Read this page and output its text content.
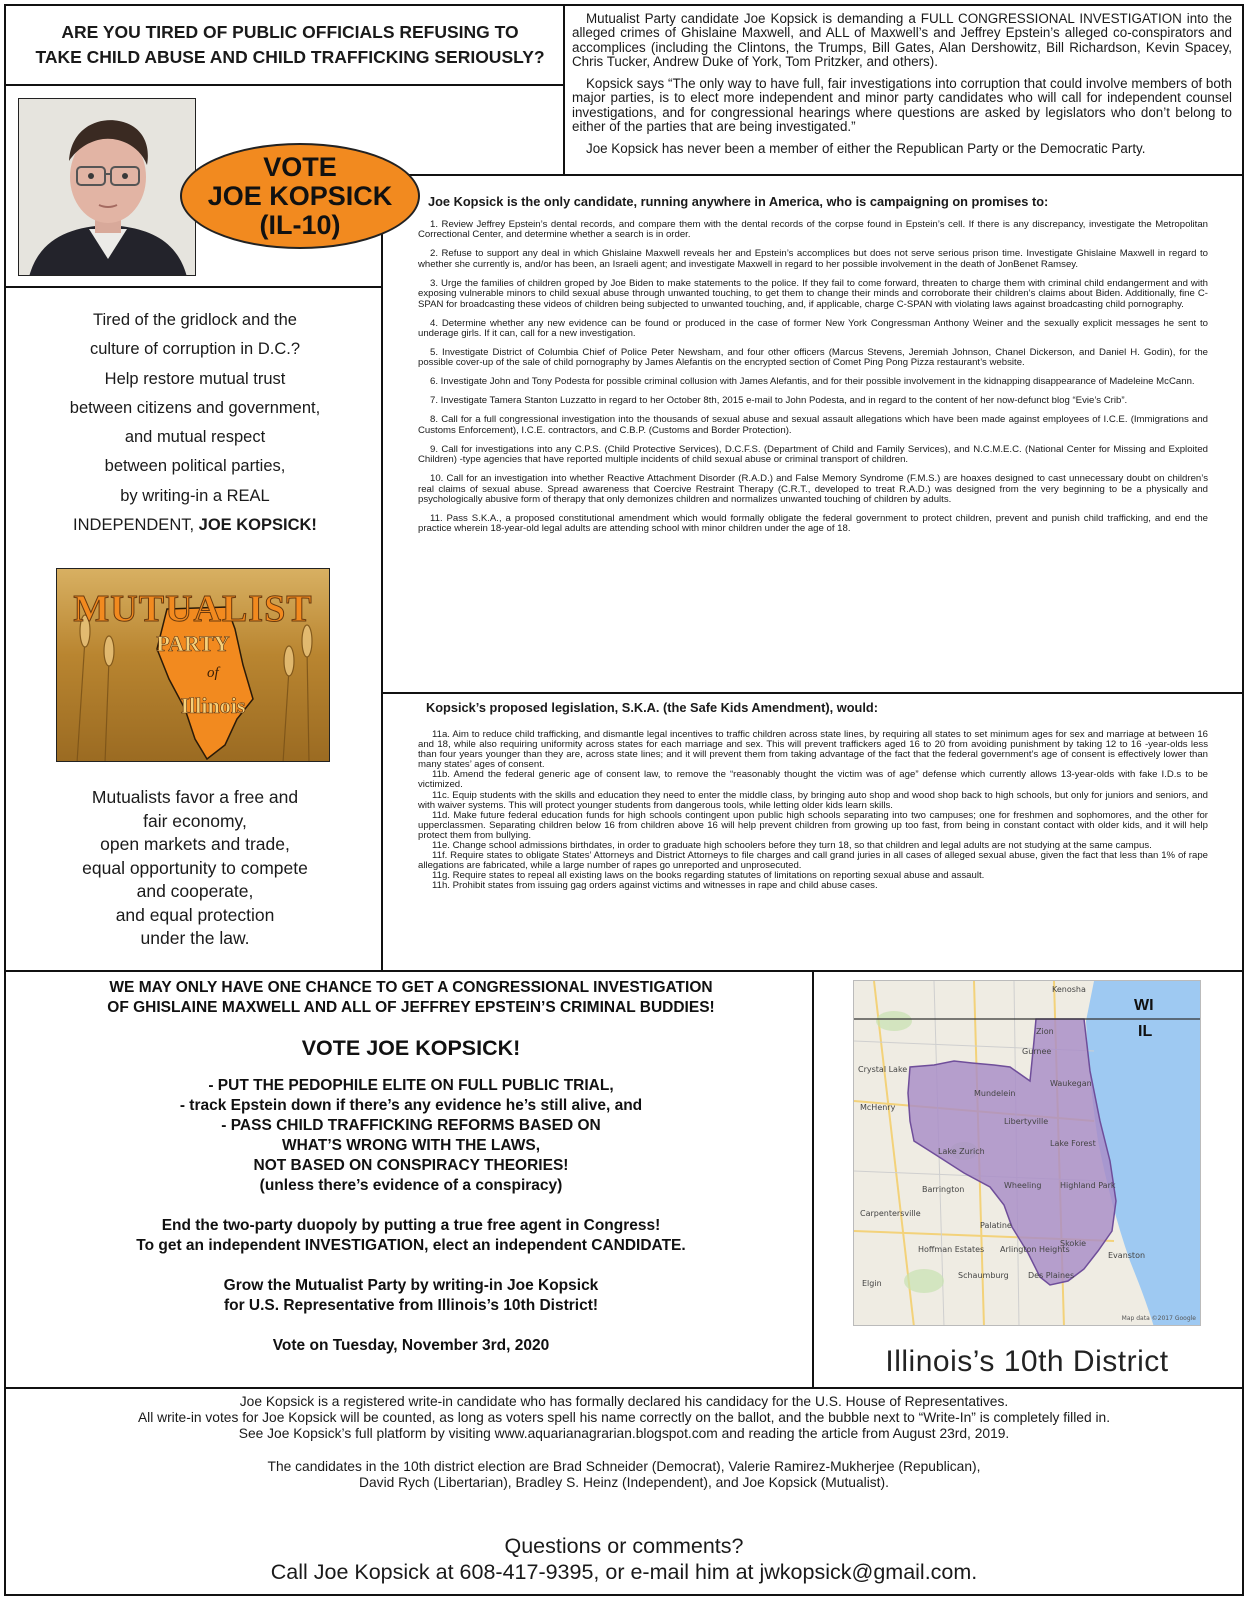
ARE YOU TIRED OF PUBLIC OFFICIALS REFUSING TO
TAKE CHILD ABUSE AND CHILD TRAFFICKING SERIOUSLY?

Mutualist Party candidate Joe Kopsick is demanding a FULL CONGRESSIONAL INVESTIGATION into the alleged crimes of Ghislaine Maxwell, and ALL of Maxwell’s and Jeffrey Epstein’s alleged co-conspirators and accomplices (including the Clintons, the Trumps, Bill Gates, Alan Dershowitz, Bill Richardson, Kevin Spacey, Chris Tucker, Andrew Duke of York, Tom Pritzker, and others).

Kopsick says “The only way to have full, fair investigations into corruption that could involve members of both major parties, is to elect more independent and minor party candidates who will call for independent counsel investigations, and for congressional hearings where questions are asked by legislators who don’t belong to either of the parties that are being investigated.”

Joe Kopsick has never been a member of either the Republican Party or the Democratic Party.

VOTE
JOE KOPSICK
(IL-10)
Tired of the gridlock and the
culture of corruption in D.C.?
Help restore mutual trust
between citizens and government,
and mutual respect
between political parties,
by writing-in a REAL
INDEPENDENT, JOE KOPSICK!
MUTUALIST
PARTY
of
Illinois
Mutualists favor a free and
fair economy,
open markets and trade,
equal opportunity to compete
and cooperate,
and equal protection
under the law.
Joe Kopsick is the only candidate, running anywhere in America, who is campaigning on promises to:

1. Review Jeffrey Epstein’s dental records, and compare them with the dental records of the corpse found in Epstein’s cell. If there is any discrepancy, investigate the Metropolitan Correctional Center, and determine whether a search is in order.

2. Refuse to support any deal in which Ghislaine Maxwell reveals her and Epstein’s accomplices but does not serve serious prison time. Investigate Ghislaine Maxwell in regard to whether she currently is, and/or has been, an Israeli agent; and investigate Maxwell in regard to her possible involvement in the death of JonBenet Ramsey.

3. Urge the families of children groped by Joe Biden to make statements to the police. If they fail to come forward, threaten to charge them with criminal child endangerment and with exposing vulnerable minors to child sexual abuse through unwanted touching, to get them to change their minds and corroborate their children’s claims about Biden. Additionally, fine C-SPAN for broadcasting these videos of children being subjected to unwanted touching, and, if applicable, charge C-SPAN with violating laws against broadcasting child pornography.

4. Determine whether any new evidence can be found or produced in the case of former New York Congressman Anthony Weiner and the sexually explicit messages he sent to underage girls. If it can, call for a new investigation.

5. Investigate District of Columbia Chief of Police Peter Newsham, and four other officers (Marcus Stevens, Jeremiah Johnson, Chanel Dickerson, and Daniel H. Godin), for the possible cover-up of the sale of child pornography by James Alefantis on the encrypted section of Comet Ping Pong Pizza restaurant’s website.

6. Investigate John and Tony Podesta for possible criminal collusion with James Alefantis, and for their possible involvement in the kidnapping disappearance of Madeleine McCann.

7. Investigate Tamera Stanton Luzzatto in regard to her October 8th, 2015 e-mail to John Podesta, and in regard to the content of her now-defunct blog “Evie’s Crib”.

8. Call for a full congressional investigation into the thousands of sexual abuse and sexual assault allegations which have been made against employees of I.C.E. (Immigrations and Customs Enforcement), I.C.E. contractors, and C.B.P. (Customs and Border Protection).

9. Call for investigations into any C.P.S. (Child Protective Services), D.C.F.S. (Department of Child and Family Services), and N.C.M.E.C. (National Center for Missing and Exploited Children) -type agencies that have reported multiple incidents of child sexual abuse or criminal transport of children.

10. Call for an investigation into whether Reactive Attachment Disorder (R.A.D.) and False Memory Syndrome (F.M.S.) are hoaxes designed to cast unnecessary doubt on children’s real claims of sexual abuse. Spread awareness that Coercive Restraint Therapy (C.R.T., developed to treat R.A.D.) was designed from the very beginning to be a physically and psychologically abusive form of therapy that only demonizes children and normalizes unwanted touching of children by adults.

11. Pass S.K.A., a proposed constitutional amendment which would formally obligate the federal government to protect children, prevent and punish child trafficking, and end the practice wherein 18-year-old legal adults are attending school with minor children under the age of 18.

Kopsick’s proposed legislation, S.K.A. (the Safe Kids Amendment), would:

11a. Aim to reduce child trafficking, and dismantle legal incentives to traffic children across state lines, by requiring all states to set minimum ages for sex and marriage at between 16 and 18, while also requiring uniformity across states for each marriage and sex. This will prevent traffickers aged 16 to 20 from avoiding punishment by taking 12 to 16 -year-olds less than four years younger than they are, across state lines; and it will prevent them from taking advantage of the fact that the federal government’s age of consent is effectively lower than many states’ ages of consent.

11b. Amend the federal generic age of consent law, to remove the “reasonably thought the victim was of age” defense which currently allows 13-year-olds with fake I.D.s to be victimized.

11c. Equip students with the skills and education they need to enter the middle class, by bringing auto shop and wood shop back to high schools, but only for juniors and seniors, and with waiver systems. This will protect younger students from dangerous tools, while letting older kids learn skills.

11d. Make future federal education funds for high schools contingent upon public high schools separating into two campuses; one for freshmen and sophomores, and the other for upperclassmen. Separating children below 16 from children above 16 will help prevent children from growing up too fast, from being in constant contact with older kids, and it will help protect them from bullying.

11e. Change school admissions birthdates, in order to graduate high schoolers before they turn 18, so that children and legal adults are not studying at the same campus.

11f. Require states to obligate States’ Attorneys and District Attorneys to file charges and call grand juries in all cases of alleged sexual abuse, given the fact that less than 1% of rape allegations are fabricated, while a large number of rapes go unreported and unprosecuted.

11g. Require states to repeal all existing laws on the books regarding statutes of limitations on reporting sexual abuse and assault.

11h. Prohibit states from issuing gag orders against victims and witnesses in rape and child abuse cases.

WE MAY ONLY HAVE ONE CHANCE TO GET A CONGRESSIONAL INVESTIGATION
OF GHISLAINE MAXWELL AND ALL OF JEFFREY EPSTEIN’S CRIMINAL BUDDIES!
VOTE JOE KOPSICK!
- PUT THE PEDOPHILE ELITE ON FULL PUBLIC TRIAL,
- track Epstein down if there’s any evidence he’s still alive, and
- PASS CHILD TRAFFICKING REFORMS BASED ON
WHAT’S WRONG WITH THE LAWS,
NOT BASED ON CONSPIRACY THEORIES!
(unless there’s evidence of a conspiracy)
End the two-party duopoly by putting a true free agent in Congress!
To get an independent INVESTIGATION, elect an independent CANDIDATE.
Grow the Mutualist Party by writing-in Joe Kopsick
for U.S. Representative from Illinois’s 10th District!
Vote on Tuesday, November 3rd, 2020
WI
IL
McHenry
Zion
Kenosha
Gurnee
Waukegan
Libertyville
Mundelein
Lake Forest
Highland Park
Lake Zurich
Crystal Lake
Wheeling
Barrington
Carpentersville
Palatine
Arlington Heights
Skokie
Evanston
Hoffman Estates
Schaumburg Des Plaines
Elgin
Map data ©2017 Google
Illinois’s 10th District
Joe Kopsick is a registered write-in candidate who has formally declared his candidacy for the U.S. House of Representatives.
All write-in votes for Joe Kopsick will be counted, as long as voters spell his name correctly on the ballot, and the bubble next to “Write-In” is completely filled in.
See Joe Kopsick’s full platform by visiting www.aquarianagrarian.blogspot.com and reading the article from August 23rd, 2019.
The candidates in the 10th district election are Brad Schneider (Democrat), Valerie Ramirez-Mukherjee (Republican),
David Rych (Libertarian), Bradley S. Heinz (Independent), and Joe Kopsick (Mutualist).
Questions or comments?
Call Joe Kopsick at 608-417-9395, or e-mail him at jwkopsick@gmail.com.
